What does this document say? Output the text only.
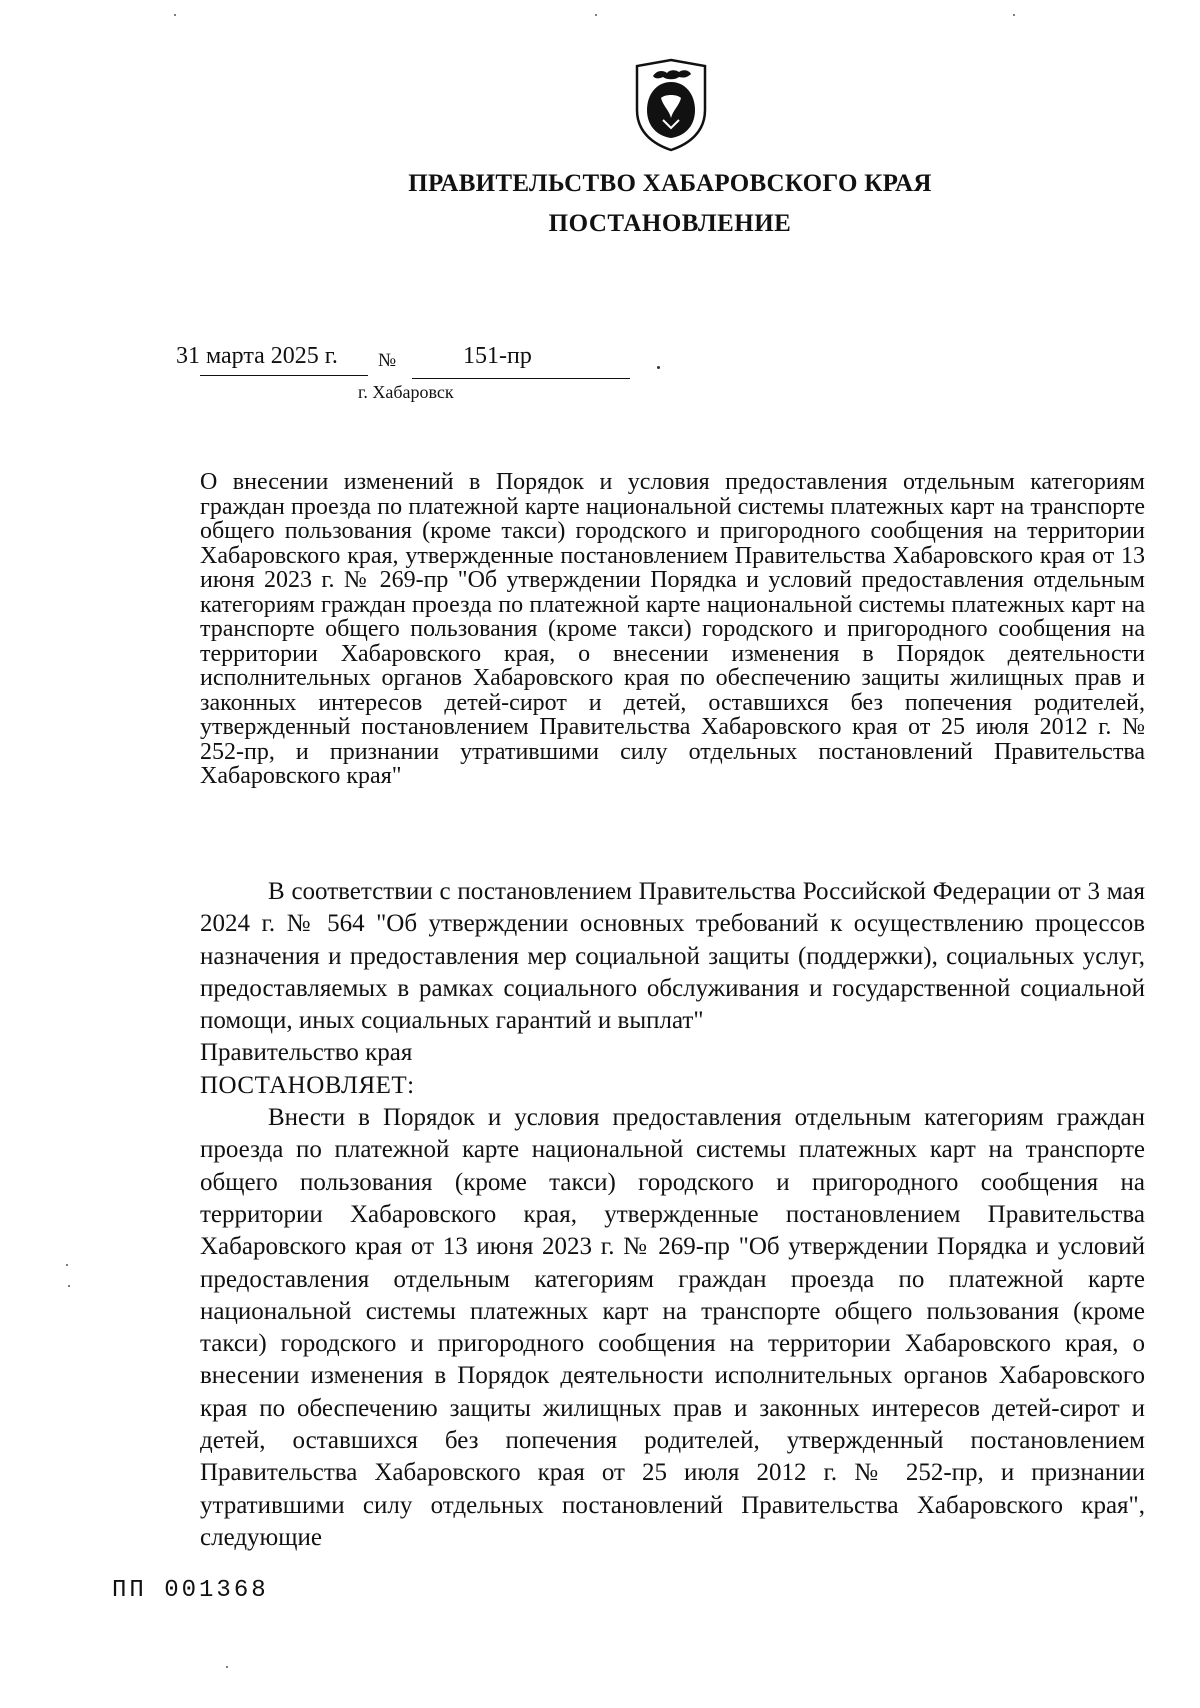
ПРАВИТЕЛЬСТВО ХАБАРОВСКОГО КРАЯ
ПОСТАНОВЛЕНИЕ
31 марта 2025 г. №	151-пр
г. Хабаровск
О внесении изменений в Порядок и условия предоставления отдельным категориям граждан проезда по платежной карте национальной системы платежных карт на транспорте общего пользования (кроме такси) городского и пригородного сообщения на территории Хабаровского края, утвержденные постановлением Правительства Хабаровского края от 13 июня 2023 г. № 269-пр "Об утверждении Порядка и условий предоставления отдельным категориям граждан проезда по платежной карте национальной системы платежных карт на транспорте общего пользования (кроме такси) городского и пригородного сообщения на территории Хабаровского края, о внесении изменения в Порядок деятельности исполнительных органов Хабаровского края по обеспечению защиты жилищных прав и законных интересов детей-сирот и детей, оставшихся без попечения родителей, утвержденный постановлением Правительства Хабаровского края от 25 июля 2012 г. № 252-пр, и признании утратившими силу отдельных постановлений Правительства Хабаровского края"

В соответствии с постановлением Правительства Российской Федерации от 3 мая 2024 г. № 564 "Об утверждении основных требований к осуществлению процессов назначения и предоставления мер социальной защиты (поддержки), социальных услуг, предоставляемых в рамках социального обслуживания и государственной социальной помощи, иных социальных гарантий и выплат"

Правительство края

ПОСТАНОВЛЯЕТ:

Внести в Порядок и условия предоставления отдельным категориям граждан проезда по платежной карте национальной системы платежных карт на транспорте общего пользования (кроме такси) городского и пригородного сообщения на территории Хабаровского края, утвержденные постановлением Правительства Хабаровского края от 13 июня 2023 г. № 269-пр "Об утверждении Порядка и условий предоставления отдельным категориям граждан проезда по платежной карте национальной системы платежных карт на транспорте общего пользования (кроме такси) городского и пригородного сообщения на территории Хабаровского края, о внесении изменения в Порядок деятельности исполнительных органов Хабаровского края по обеспечению защиты жилищных прав и законных интересов детей-сирот и детей, оставшихся без попечения родителей, утвержденный постановлением Правительства Хабаровского края от 25 июля 2012 г. № 252-пр, и признании утратившими силу отдельных постановлений Правительства Хабаровского края", следующие

ПП 001368
